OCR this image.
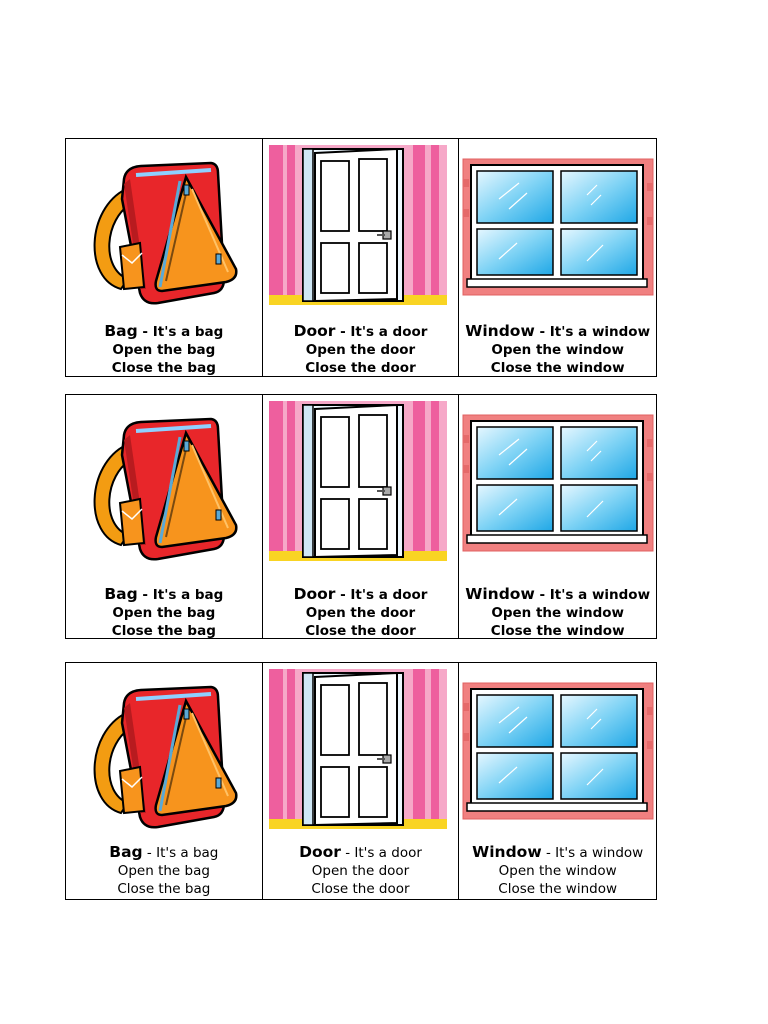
Bag - It's a bag
Open the bag
Close the bag
Door - It's a door
Open the door
Close the door
Window - It's a window
Open the window
Close the window
Bag - It's a bag
Open the bag
Close the bag
Door - It's a door
Open the door
Close the door
Window - It's a window
Open the window
Close the window
Bag - It's a bag
Open the bag
Close the bag
Door - It's a door
Open the door
Close the door
Window - It's a window
Open the window
Close the window
